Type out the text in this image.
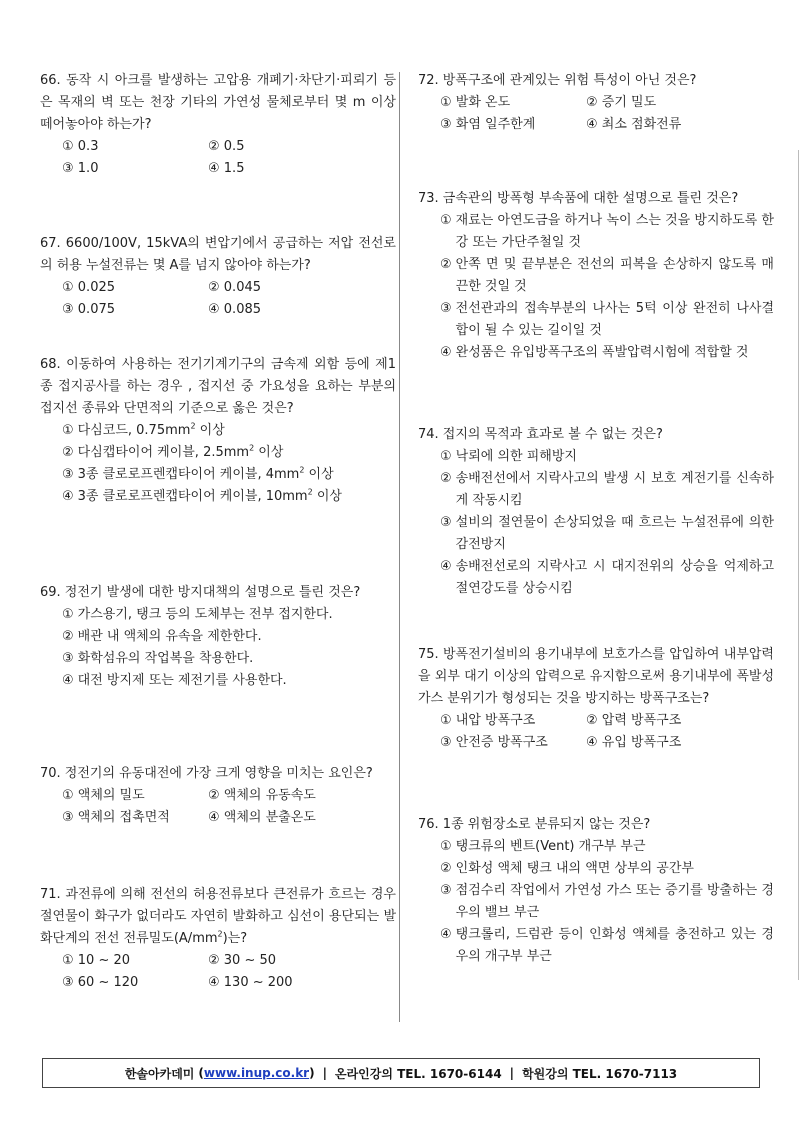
66. 동작 시 아크를 발생하는 고압용 개폐기·차단기·피뢰기 등은 목재의 벽 또는 천장 기타의 가연성 물체로부터 몇 m 이상 떼어놓아야 하는가?
① 0.3	② 0.5
③ 1.0	④ 1.5
67. 6600/100V, 15kVA의 변압기에서 공급하는 저압 전선로의 허용 누설전류는 몇 A를 넘지 않아야 하는가?
① 0.025	② 0.045
③ 0.075	④ 0.085
68. 이동하여 사용하는 전기기계기구의 금속제 외함 등에 제1종 접지공사를 하는 경우 , 접지선 중 가요성을 요하는 부분의 접지선 종류와 단면적의 기준으로 옳은 것은?
① 다심코드, $0.75mm^2$ 이상
② 다심캡타이어 케이블, $2.5mm^2$ 이상
③ 3종 클로로프렌캡타이어 케이블, $4mm^2$ 이상
④ 3종 클로로프렌캡타이어 케이블, $10mm^2$ 이상
69. 정전기 발생에 대한 방지대책의 설명으로 틀린 것은?
① 가스용기, 탱크 등의 도체부는 전부 접지한다.
② 배관 내 액체의 유속을 제한한다.
③ 화학섬유의 작업복을 착용한다.
④ 대전 방지제 또는 제전기를 사용한다.
70. 정전기의 유동대전에 가장 크게 영향을 미치는 요인은?
① 액체의 밀도	② 액체의 유동속도
③ 액체의 접촉면적	④ 액체의 분출온도
71. 과전류에 의해 전선의 허용전류보다 큰전류가 흐르는 경우 절연물이 화구가 없더라도 자연히 발화하고 심선이 용단되는 발화단계의 전선 전류밀도$(A/mm^2)$는?
① 10 ~ 20	② 30 ~ 50
③ 60 ~ 120	④ 130 ~ 200
72. 방폭구조에 관계있는 위험 특성이 아닌 것은?
① 발화 온도	② 증기 밀도
③ 화염 일주한계	④ 최소 점화전류
73. 금속관의 방폭형 부속품에 대한 설명으로 틀린 것은?
① 재료는 아연도금을 하거나 녹이 스는 것을 방지하도록 한 강 또는 가단주철일 것
② 안쪽 면 및 끝부분은 전선의 피복을 손상하지 않도록 매끈한 것일 것
③ 전선관과의 접속부분의 나사는 5턱 이상 완전히 나사결합이 될 수 있는 길이일 것
④ 완성품은 유입방폭구조의 폭발압력시험에 적합할 것
74. 접지의 목적과 효과로 볼 수 없는 것은?
① 낙뢰에 의한 피해방지
② 송배전선에서 지락사고의 발생 시 보호 계전기를 신속하게 작동시킴
③ 설비의 절연물이 손상되었을 때 흐르는 누설전류에 의한 감전방지
④ 송배전선로의 지락사고 시 대지전위의 상승을 억제하고 절연강도를 상승시킴
75. 방폭전기설비의 용기내부에 보호가스를 압입하여 내부압력을 외부 대기 이상의 압력으로 유지함으로써 용기내부에 폭발성가스 분위기가 형성되는 것을 방지하는 방폭구조는?
① 내압 방폭구조	② 압력 방폭구조
③ 안전증 방폭구조	④ 유입 방폭구조
76. 1종 위험장소로 분류되지 않는 것은?
① 탱크류의 벤트(Vent) 개구부 부근
② 인화성 액체 탱크 내의 액면 상부의 공간부
③ 점검수리 작업에서 가연성 가스 또는 증기를 방출하는 경우의 밸브 부근
④ 탱크롤리, 드럼관 등이 인화성 액체를 충전하고 있는 경우의 개구부 부근
한솔아카데미 ( www.inup.co.kr ) | 온라인강의 TEL. 1670-6144 | 학원강의 TEL. 1670-7113
